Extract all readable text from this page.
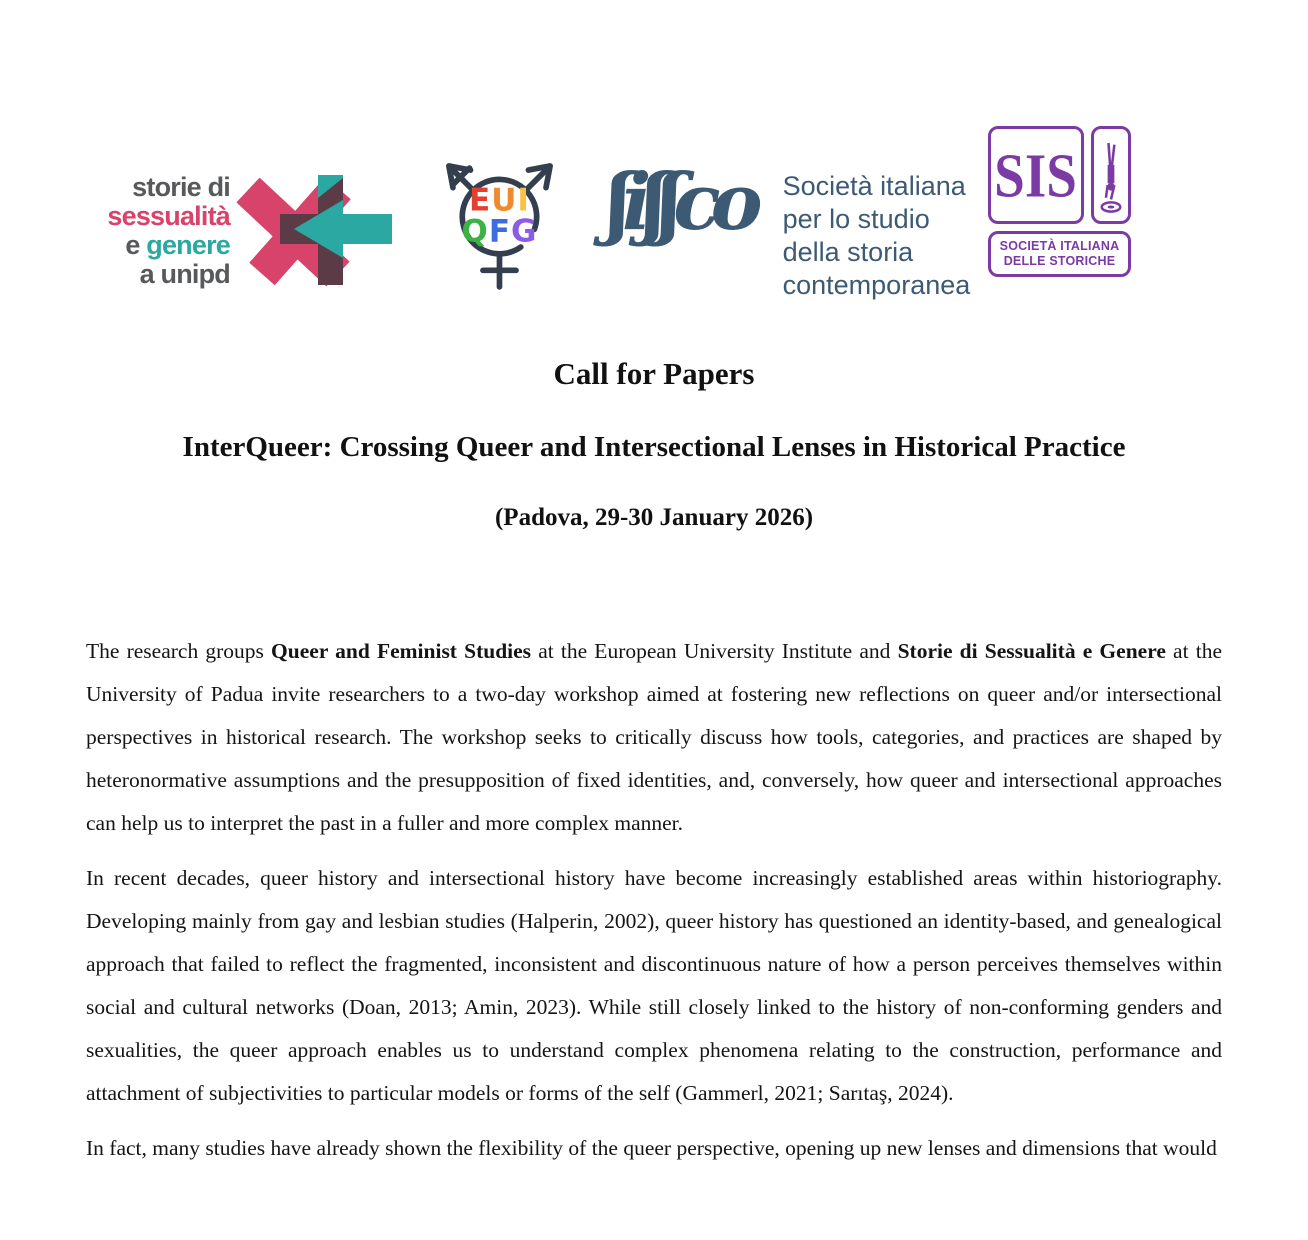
storie di
sessualità
e genere
a unipd
EUI
QFG ʃiʃʃco	Società italiana
per lo studio
della storia
contemporanea
SIS
SOCIETÀ ITALIANA
DELLE STORICHE
Call for Papers
InterQueer: Crossing Queer and Intersectional Lenses in Historical Practice
(Padova, 29-30 January 2026)

The research groups Queer and Feminist Studies at the European University Institute and Storie di Sessualità e Genere at the University of Padua invite researchers to a two-day workshop aimed at fostering new reflections on queer and/or intersectional perspectives in historical research. The workshop seeks to critically discuss how tools, categories, and practices are shaped by heteronormative assumptions and the presupposition of fixed identities, and, conversely, how queer and intersectional approaches can help us to interpret the past in a fuller and more complex manner.

In recent decades, queer history and intersectional history have become increasingly established areas within historiography. Developing mainly from gay and lesbian studies (Halperin, 2002), queer history has questioned an identity-based, and genealogical approach that failed to reflect the fragmented, inconsistent and discontinuous nature of how a person perceives themselves within social and cultural networks (Doan, 2013; Amin, 2023). While still closely linked to the history of non-conforming genders and sexualities, the queer approach enables us to understand complex phenomena relating to the construction, performance and attachment of subjectivities to particular models or forms of the self (Gammerl, 2021; Sarıtaş, 2024).

In fact, many studies have already shown the flexibility of the queer perspective, opening up new lenses and dimensions that would
